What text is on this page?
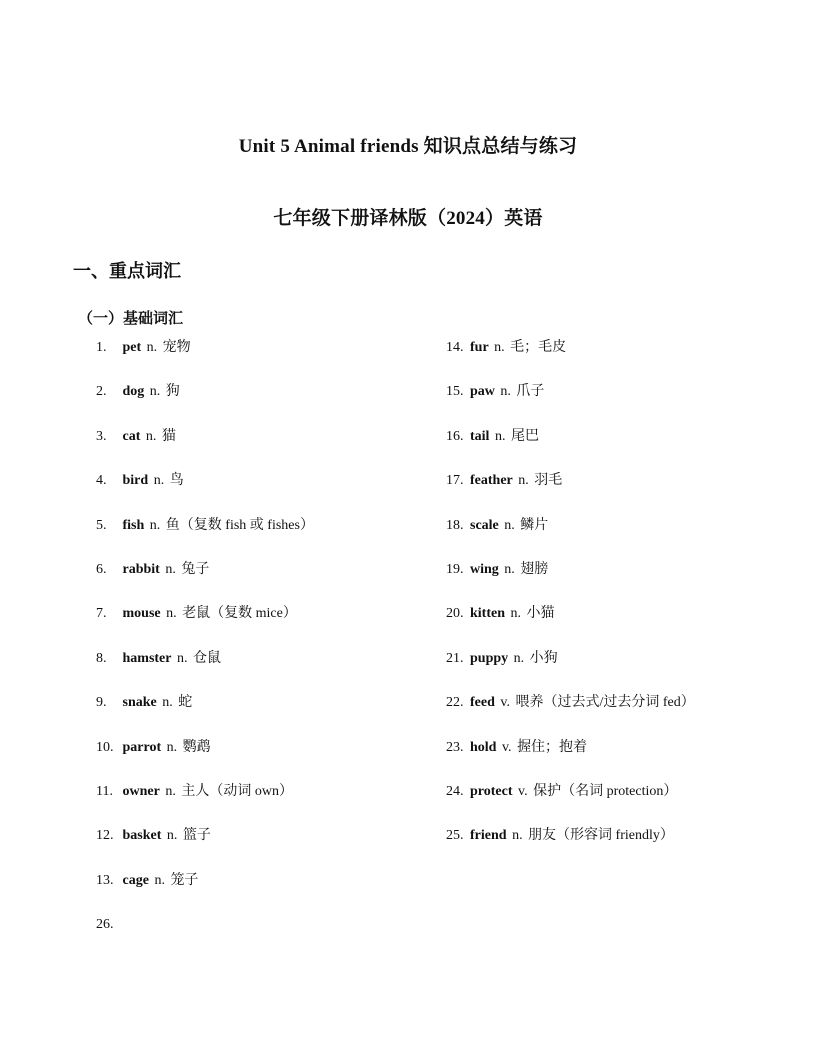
Unit 5 Animal friends 知识点总结与练习
七年级下册译林版（2024）英语
一、重点词汇
（一）基础词汇
1. pet n. 宠物
2. dog n. 狗
3. cat n. 猫
4. bird n. 鸟
5. fish n. 鱼（复数 fish 或 fishes）
6. rabbit n. 兔子
7. mouse n. 老鼠（复数 mice）
8. hamster n. 仓鼠
9. snake n. 蛇
10. parrot n. 鹦鹉
11. owner n. 主人（动词 own）
12. basket n. 篮子
13. cage n. 笼子
26.
14. fur n. 毛；毛皮
15. paw n. 爪子
16. tail n. 尾巴
17. feather n. 羽毛
18. scale n. 鳞片
19. wing n. 翅膀
20. kitten n. 小猫
21. puppy n. 小狗
22. feed v. 喂养（过去式/过去分词 fed）
23. hold v. 握住；抱着
24. protect v. 保护（名词 protection）
25. friend n. 朋友（形容词 friendly）
